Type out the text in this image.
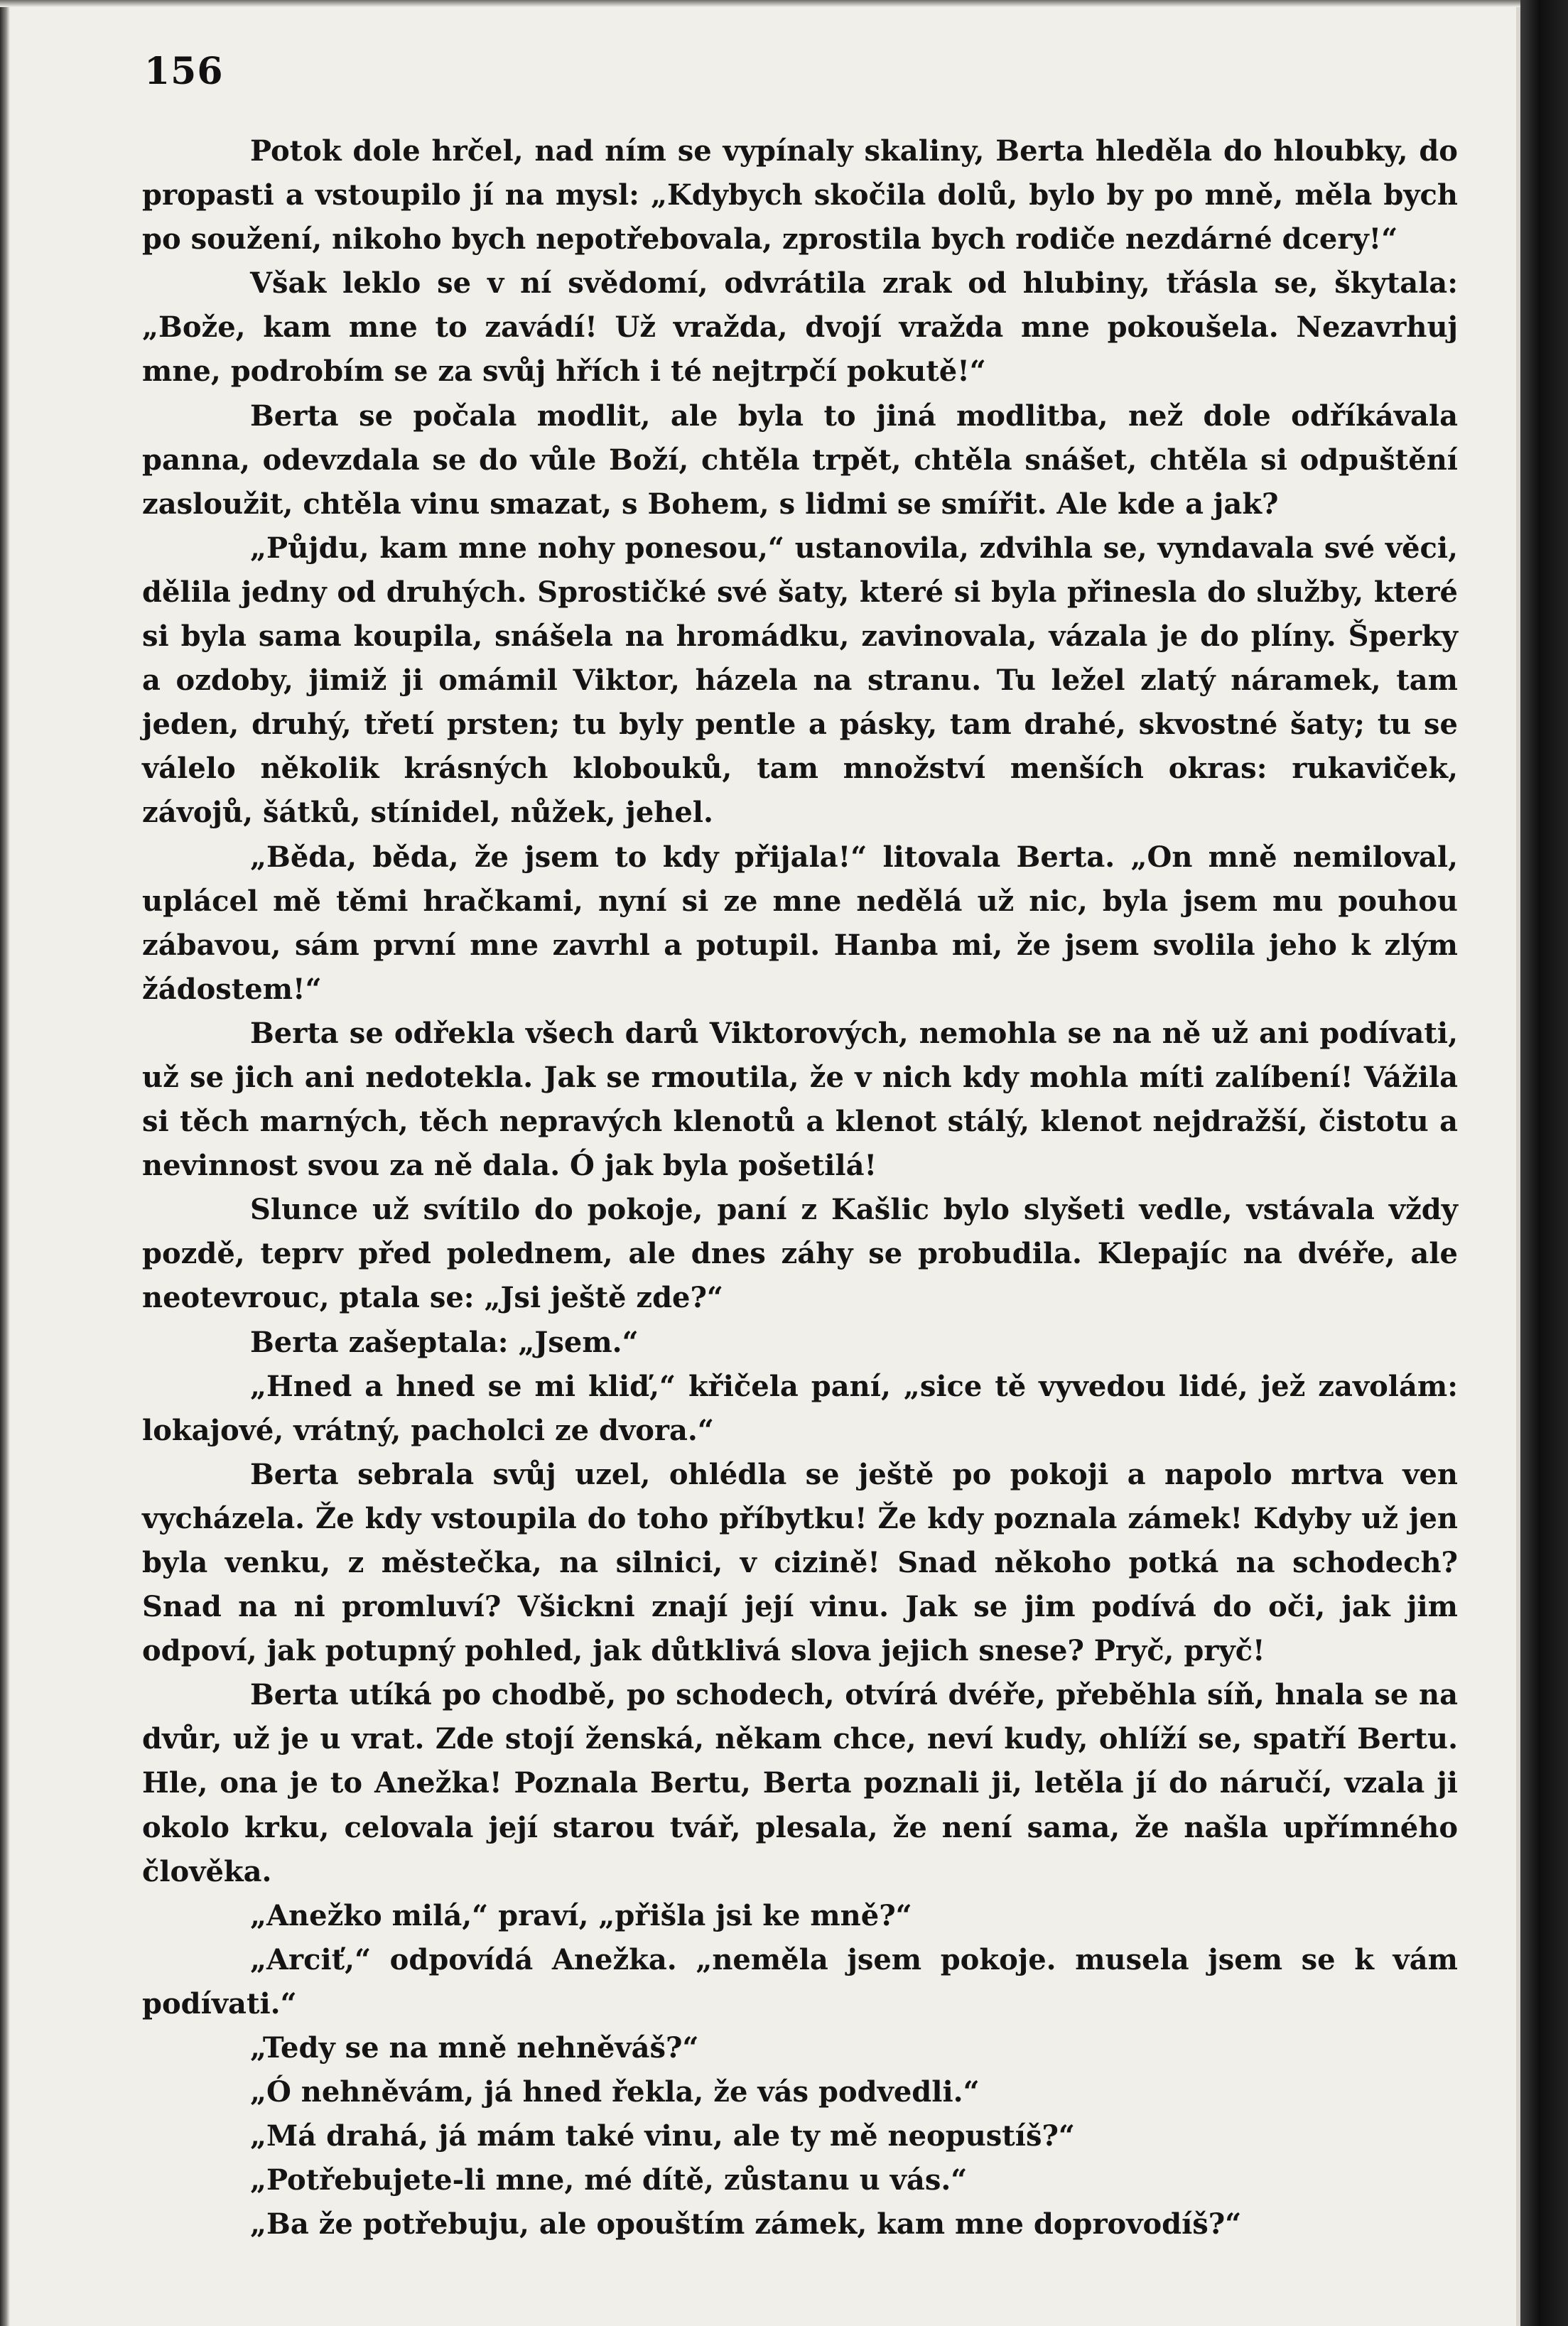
156

Potok dole hrčel, nad ním se vypínaly skaliny, Berta hleděla do hloubky, do propasti a vstoupilo jí na mysl: „Kdybych skočila dolů, bylo by po mně, měla bych po soužení, nikoho bych nepotřebovala, zprostila bych rodiče nezdárné dcery!“

Však leklo se v ní svědomí, odvrátila zrak od hlubiny, třásla se, škytala: „Bože, kam mne to zavádí! Už vražda, dvojí vražda mne pokoušela. Nezavrhuj mne, podrobím se za svůj hřích i té nejtrpčí pokutě!“

Berta se počala modlit, ale byla to jiná modlitba, než dole odříkávala panna, odevzdala se do vůle Boží, chtěla trpět, chtěla snášet, chtěla si odpuštění zasloužit, chtěla vinu smazat, s Bohem, s lidmi se smířit. Ale kde a jak?

„Půjdu, kam mne nohy ponesou,“ ustanovila, zdvihla se, vyndavala své věci, dělila jedny od druhých. Sprostičké své šaty, které si byla přinesla do služby, které si byla sama koupila, snášela na hromádku, zavinovala, vázala je do plíny. Šperky a ozdoby, jimiž ji omámil Viktor, házela na stranu. Tu ležel zlatý náramek, tam jeden, druhý, třetí prsten; tu byly pentle a pásky, tam drahé, skvostné šaty; tu se válelo několik krásných klobouků, tam množství menších okras: rukaviček, závojů, šátků, stínidel, nůžek, jehel.

„Běda, běda, že jsem to kdy přijala!“ litovala Berta. „On mně nemiloval, uplácel mě těmi hračkami, nyní si ze mne nedělá už nic, byla jsem mu pouhou zábavou, sám první mne zavrhl a potupil. Hanba mi, že jsem svolila jeho k zlým žádostem!“

Berta se odřekla všech darů Viktorových, nemohla se na ně už ani podívati, už se jich ani nedotekla. Jak se rmoutila, že v nich kdy mohla míti zalíbení! Vážila si těch marných, těch nepravých klenotů a klenot stálý, klenot nejdražší, čistotu a nevinnost svou za ně dala. Ó jak byla pošetilá!

Slunce už svítilo do pokoje, paní z Kašlic bylo slyšeti vedle, vstávala vždy pozdě, teprv před polednem, ale dnes záhy se probudila. Klepajíc na dvéře, ale neotevrouc, ptala se: „Jsi ještě zde?“

Berta zašeptala: „Jsem.“

„Hned a hned se mi kliď,“ křičela paní, „sice tě vyvedou lidé, jež zavolám: lokajové, vrátný, pacholci ze dvora.“

Berta sebrala svůj uzel, ohlédla se ještě po pokoji a napolo mrtva ven vycházela. Že kdy vstoupila do toho příbytku! Že kdy poznala zámek! Kdyby už jen byla venku, z městečka, na silnici, v cizině! Snad někoho potká na schodech? Snad na ni promluví? Všickni znají její vinu. Jak se jim podívá do oči, jak jim odpoví, jak potupný pohled, jak důtklivá slova jejich snese? Pryč, pryč!

Berta utíká po chodbě, po schodech, otvírá dvéře, přeběhla síň, hnala se na dvůr, už je u vrat. Zde stojí ženská, někam chce, neví kudy, ohlíží se, spatří Bertu. Hle, ona je to Anežka! Poznala Bertu, Berta poznali ji, letěla jí do náručí, vzala ji okolo krku, celovala její starou tvář, plesala, že není sama, že našla upřímného člověka.

„Anežko milá,“ praví, „přišla jsi ke mně?“

„Arciť,“ odpovídá Anežka. „neměla jsem pokoje. musela jsem se k vám podívati.“

„Tedy se na mně nehněváš?“

„Ó nehněvám, já hned řekla, že vás podvedli.“

„Má drahá, já mám také vinu, ale ty mě neopustíš?“

„Potřebujete-li mne, mé dítě, zůstanu u vás.“

„Ba že potřebuju, ale opouštím zámek, kam mne doprovodíš?“
